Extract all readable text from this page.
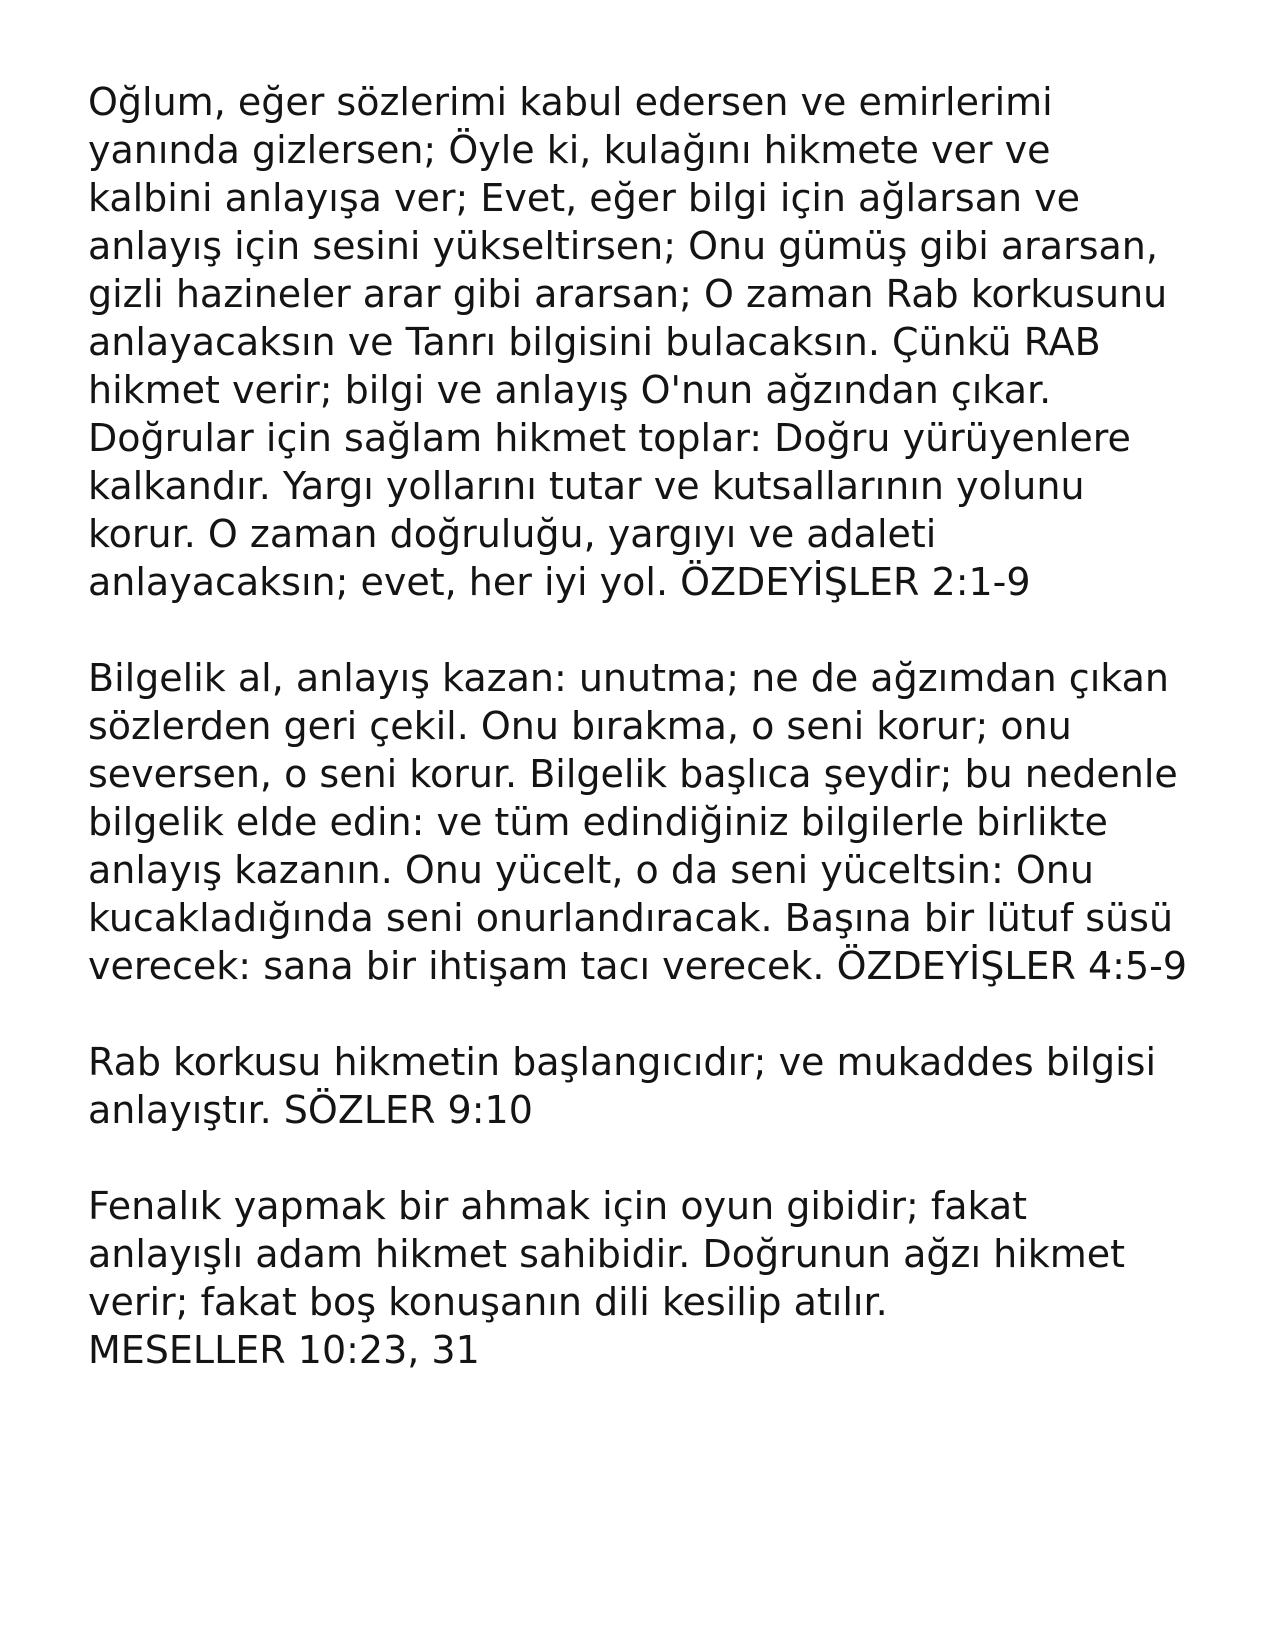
Oğlum, eğer sözlerimi kabul edersen ve emirlerimi
yanında gizlersen; Öyle ki, kulağını hikmete ver ve
kalbini anlayışa ver; Evet, eğer bilgi için ağlarsan ve
anlayış için sesini yükseltirsen; Onu gümüş gibi ararsan,
gizli hazineler arar gibi ararsan; O zaman Rab korkusunu
anlayacaksın ve Tanrı bilgisini bulacaksın. Çünkü RAB
hikmet verir; bilgi ve anlayış O'nun ağzından çıkar.
Doğrular için sağlam hikmet toplar: Doğru yürüyenlere
kalkandır. Yargı yollarını tutar ve kutsallarının yolunu
korur. O zaman doğruluğu, yargıyı ve adaleti
anlayacaksın; evet, her iyi yol. ÖZDEYİŞLER 2:1-9
Bilgelik al, anlayış kazan: unutma; ne de ağzımdan çıkan
sözlerden geri çekil. Onu bırakma, o seni korur; onu
seversen, o seni korur. Bilgelik başlıca şeydir; bu nedenle
bilgelik elde edin: ve tüm edindiğiniz bilgilerle birlikte
anlayış kazanın. Onu yücelt, o da seni yüceltsin: Onu
kucakladığında seni onurlandıracak. Başına bir lütuf süsü
verecek: sana bir ihtişam tacı verecek. ÖZDEYİŞLER 4:5-9
Rab korkusu hikmetin başlangıcıdır; ve mukaddes bilgisi
anlayıştır. SÖZLER 9:10
Fenalık yapmak bir ahmak için oyun gibidir; fakat
anlayışlı adam hikmet sahibidir. Doğrunun ağzı hikmet
verir; fakat boş konuşanın dili kesilip atılır.
MESELLER 10:23, 31
